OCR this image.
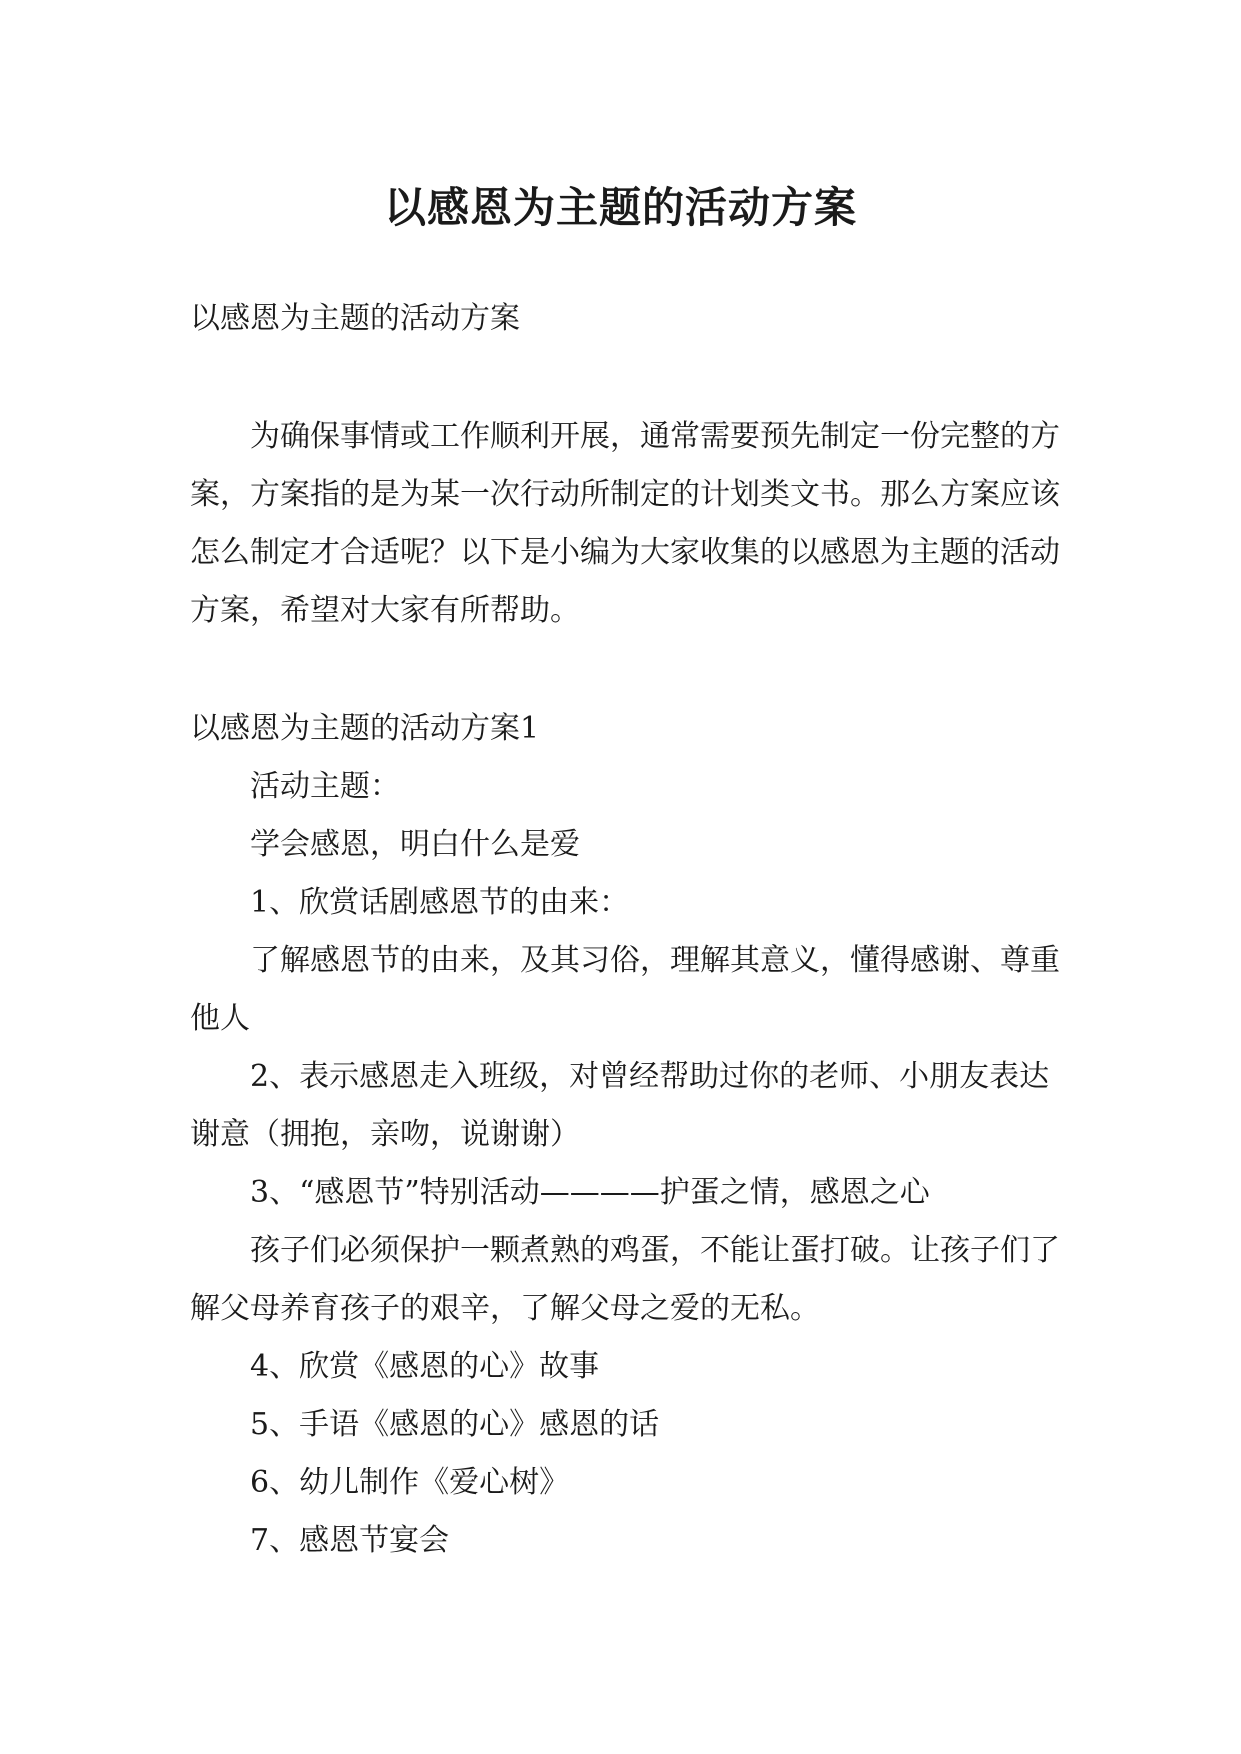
以感恩为主题的活动方案

以感恩为主题的活动方案

为确保事情或工作顺利开展，通常需要预先制定一份完整的方案，方案指的是为某一次行动所制定的计划类文书。那么方案应该怎么制定才合适呢？以下是小编为大家收集的以感恩为主题的活动方案，希望对大家有所帮助。

以感恩为主题的活动方案1

活动主题：

学会感恩，明白什么是爱

1、欣赏话剧感恩节的由来：

了解感恩节的由来，及其习俗，理解其意义，懂得感谢、尊重他人

2、表示感恩走入班级，对曾经帮助过你的老师、小朋友表达谢意（拥抱，亲吻，说谢谢）

3、“感恩节”特别活动————护蛋之情，感恩之心

孩子们必须保护一颗煮熟的鸡蛋，不能让蛋打破。让孩子们了解父母养育孩子的艰辛，了解父母之爱的无私。

4、欣赏《感恩的心》故事

5、手语《感恩的心》感恩的话

6、幼儿制作《爱心树》

7、感恩节宴会
